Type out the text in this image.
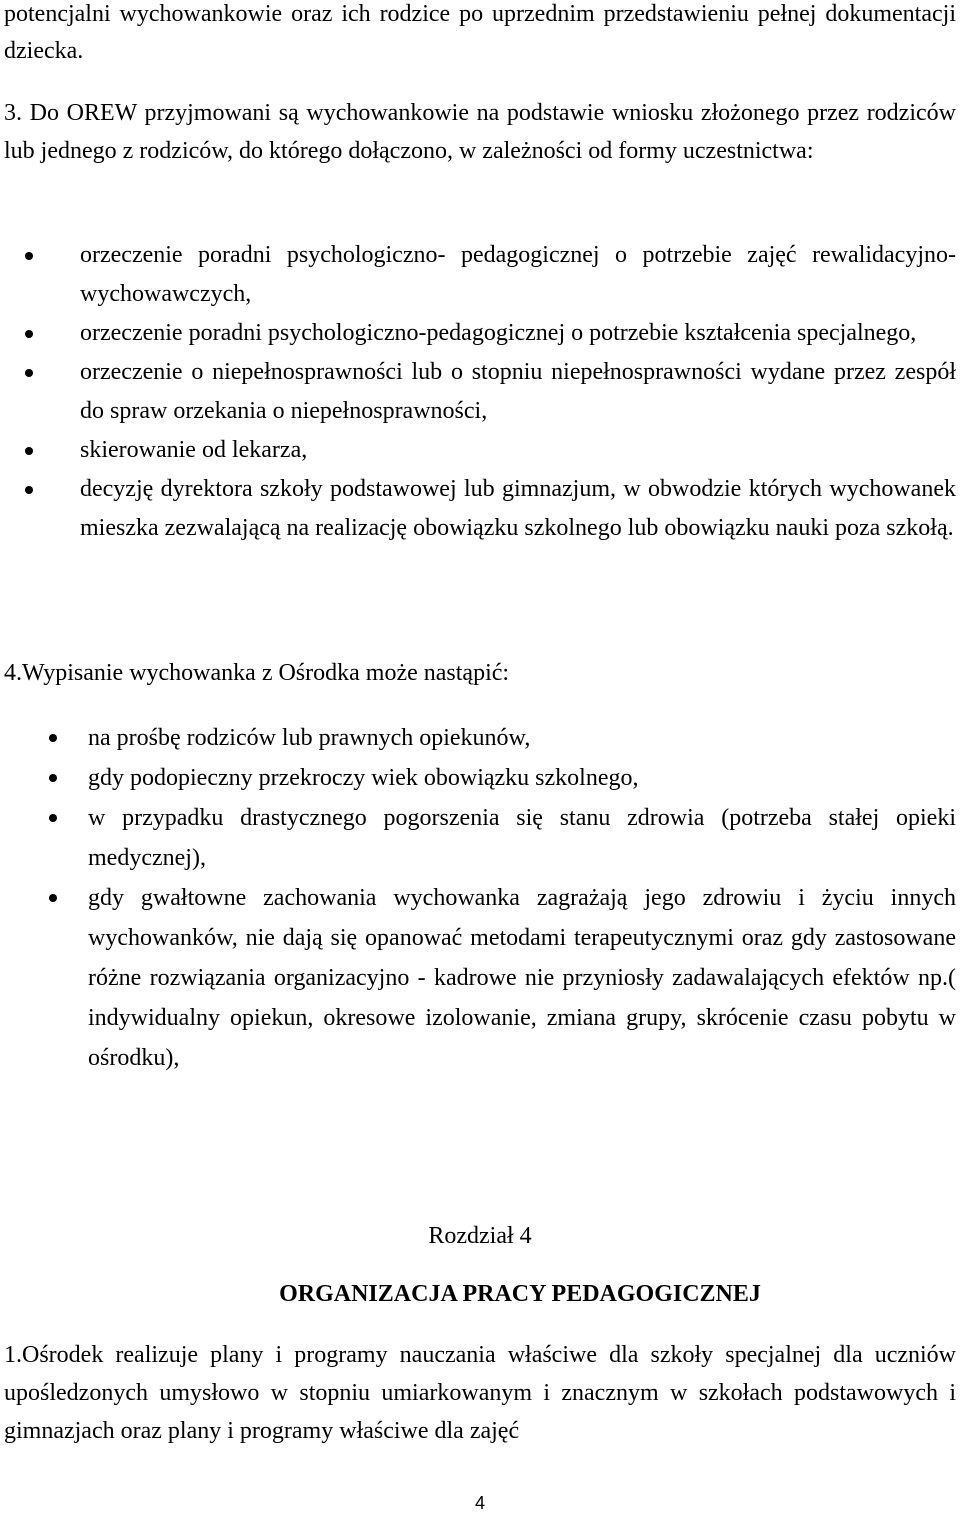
potencjalni wychowankowie oraz ich rodzice po uprzednim przedstawieniu pełnej dokumentacji dziecka.

3. Do OREW przyjmowani są wychowankowie na podstawie wniosku złożonego przez rodziców lub jednego z rodziców, do którego dołączono, w zależności od formy uczestnictwa:

orzeczenie poradni psychologiczno- pedagogicznej o potrzebie zajęć rewalidacyjno- wychowawczych,
orzeczenie poradni psychologiczno-pedagogicznej o potrzebie kształcenia specjalnego,
orzeczenie o niepełnosprawności lub o stopniu niepełnosprawności wydane przez zespół do spraw orzekania o niepełnosprawności,
skierowanie od lekarza,
decyzję dyrektora szkoły podstawowej lub gimnazjum, w obwodzie których wychowanek mieszka zezwalającą na realizację obowiązku szkolnego lub obowiązku nauki poza szkołą.

4.Wypisanie wychowanka z Ośrodka może nastąpić:

na prośbę rodziców lub prawnych opiekunów,
gdy podopieczny przekroczy wiek obowiązku szkolnego,
w przypadku drastycznego pogorszenia się stanu zdrowia (potrzeba stałej opieki medycznej),
gdy gwałtowne zachowania wychowanka zagrażają jego zdrowiu i życiu innych wychowanków, nie dają się opanować metodami terapeutycznymi oraz gdy zastosowane różne rozwiązania organizacyjno - kadrowe nie przyniosły zadawalających efektów np.( indywidualny opiekun, okresowe izolowanie, zmiana grupy, skrócenie czasu pobytu w ośrodku),

Rozdział 4

ORGANIZACJA PRACY PEDAGOGICZNEJ

1.Ośrodek realizuje plany i programy nauczania właściwe dla szkoły specjalnej dla uczniów upośledzonych umysłowo w stopniu umiarkowanym i znacznym w szkołach podstawowych i gimnazjach oraz plany i programy właściwe dla zajęć

4
